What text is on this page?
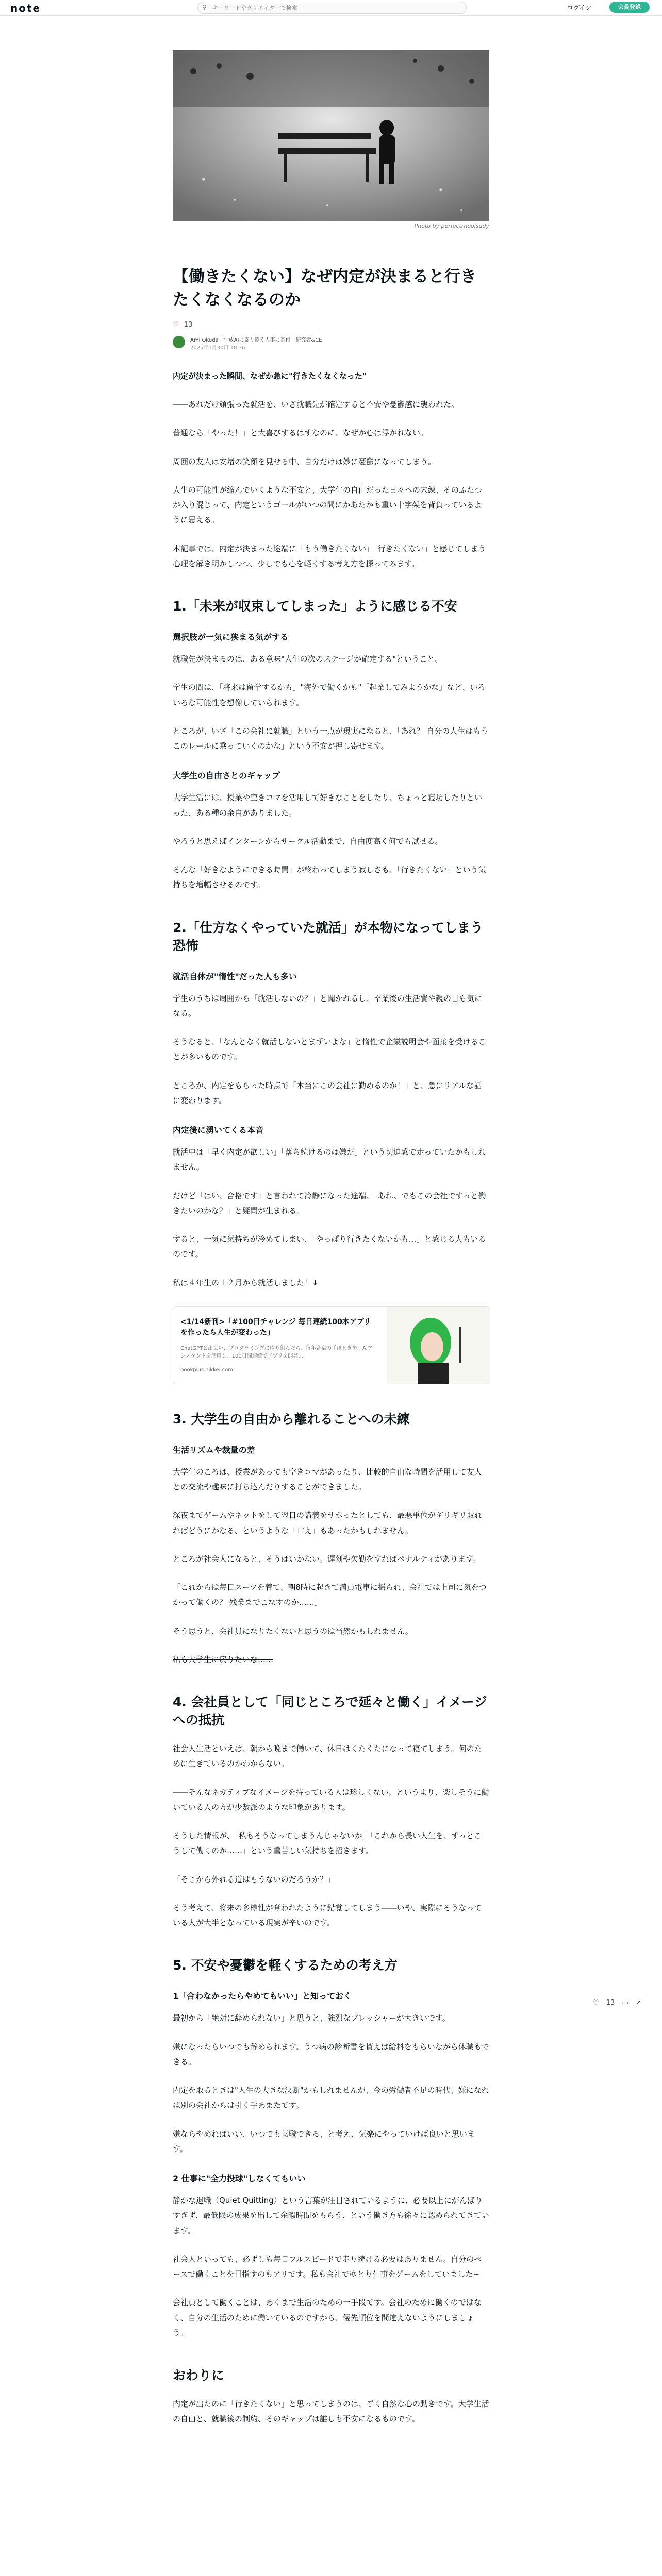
note	⚲
キーワードやクリエイターで検索	ログイン	会員登録
Photo by perfectrhoolsudy
【働きたくない】なぜ内定が決まると行きたくなくなるのか
♡ 13
Ami Okuda「生成AIに寄り添う人事に寄付」研究者&CE
2025年1月30日 18:36

内定が決まった瞬間、なぜか急に"行きたくなくなった"

――あれだけ頑張った就活を、いざ就職先が確定すると不安や憂鬱感に襲われた。

普通なら「やった！」と大喜びするはずなのに、なぜか心は浮かれない。

周囲の友人は安堵の笑顔を見せる中、自分だけは妙に憂鬱になってしまう。

人生の可能性が縮んでいくような不安と、大学生の自由だった日々への未練、そのふたつが入り混じって、内定というゴールがいつの間にかあたかも重い十字架を背負っているように思える。

本記事では、内定が決まった途端に「もう働きたくない」「行きたくない」と感じてしまう心理を解き明かしつつ、少しでも心を軽くする考え方を探ってみます。

1.「未来が収束してしまった」ように感じる不安
選択肢が一気に狭まる気がする

就職先が決まるのは、ある意味"人生の次のステージが確定する"ということ。

学生の間は、「将来は留学するかも」"海外で働くかも"「起業してみようかな」など、いろいろな可能性を想像していられます。

ところが、いざ「この会社に就職」という一点が現実になると、「あれ？ 自分の人生はもうこのレールに乗っていくのかな」という不安が押し寄せます。

大学生の自由さとのギャップ

大学生活には、授業や空きコマを活用して好きなことをしたり、ちょっと寝坊したりといった、ある種の余白がありました。

やろうと思えばインターンからサークル活動まで、自由度高く何でも試せる。

そんな「好きなようにできる時間」が終わってしまう寂しさも、「行きたくない」という気持ちを増幅させるのです。

2.「仕方なくやっていた就活」が本物になってしまう恐怖
就活自体が"惰性"だった人も多い

学生のうちは周囲から「就活しないの？」と聞かれるし、卒業後の生活費や親の目も気になる。

そうなると、「なんとなく就活しないとまずいよな」と惰性で企業説明会や面接を受けることが多いものです。

ところが、内定をもらった時点で「本当にこの会社に勤めるのか！」と、急にリアルな話に変わります。

内定後に湧いてくる本音

就活中は「早く内定が欲しい」「落ち続けるのは嫌だ」という切迫感で走っていたかもしれません。

だけど「はい、合格です」と言われて冷静になった途端、「あれ、でもこの会社ですっと働きたいのかな？」と疑問が生まれる。

すると、一気に気持ちが冷めてしまい、「やっぱり行きたくないかも…」と感じる人もいるのです。

私は４年生の１２月から就活しました！↓

<1/14新刊>「#100日チャレンジ 毎日連続100本アプリを作ったら人生が変わった」
ChatGPTと出会い、プログラミングに取り組んだら、毎年合宿の手ほどきを。AIアシスタントを活用し、100日間連続でアプリを開発…
bookplus.nikkei.com
3. 大学生の自由から離れることへの未練
生活リズムや裁量の差

大学生のころは、授業があっても空きコマがあったり、比較的自由な時間を活用して友人との交流や趣味に打ち込んだりすることができました。

深夜までゲームやネットをして翌日の講義をサボったとしても、最悪単位がギリギリ取れればどうにかなる、というような「甘え」もあったかもしれません。

ところが社会人になると、そうはいかない。遅刻や欠勤をすればペナルティがあります。

「これからは毎日スーツを着て、朝8時に起きて満員電車に揺られ、会社では上司に気をつかって働くの？ 残業までこなすのか……」

そう思うと、会社員になりたくないと思うのは当然かもしれません。

私も大学生に戻りたいな……

4. 会社員として「同じところで延々と働く」イメージへの抵抗

社会人生活といえば、朝から晩まで働いて、休日はくたくたになって寝てしまう。何のために生きているのかわからない。

――そんなネガティブなイメージを持っている人は珍しくない。というより、楽しそうに働いている人の方が少数派のような印象があります。

そうした情報が、「私もそうなってしまうんじゃないか」「これから長い人生を、ずっとこうして働くのか……」という重苦しい気持ちを招きます。

「そこから外れる道はもうないのだろうか？」

そう考えて、将来の多様性が奪われたように錯覚してしまう――いや、実際にそうなっている人が大半となっている現実が辛いのです。

5. 不安や憂鬱を軽くするための考え方
1「合わなかったらやめてもいい」と知っておく

最初から「絶対に辞められない」と思うと、強烈なプレッシャーが大きいです。

嫌になったらいつでも辞められます。うつ病の診断書を貰えば給料をもらいながら休職もできる。

内定を取るときは"人生の大きな決断"かもしれませんが、今の労働者不足の時代、嫌になれば別の会社からは引く手あまたです。

嫌ならやめればいい、いつでも転職できる、と考え、気楽にやっていけば良いと思います。

2 仕事に"全力投球"しなくてもいい

静かな退職（Quiet Quitting）という言葉が注目されているように、必要以上にがんばりすぎず、最低限の成果を出して余暇時間をもらう、という働き方も徐々に認められてきています。

社会人といっても、必ずしも毎日フルスピードで走り続ける必要はありません。自分のペースで働くことを目指すのもアリです。私も会社でゆとり仕事をゲームをしていました~

会社員として働くことは、あくまで生活のための一手段です。会社のために働くのではなく、自分の生活のために働いているのですから、優先順位を間違えないようにしましょう。

おわりに

内定が出たのに「行きたくない」と思ってしまうのは、ごく自然な心の動きです。大学生活の自由と、就職後の制約、そのギャップは誰しも不安になるものです。

♡ 13 ▭ ↗
